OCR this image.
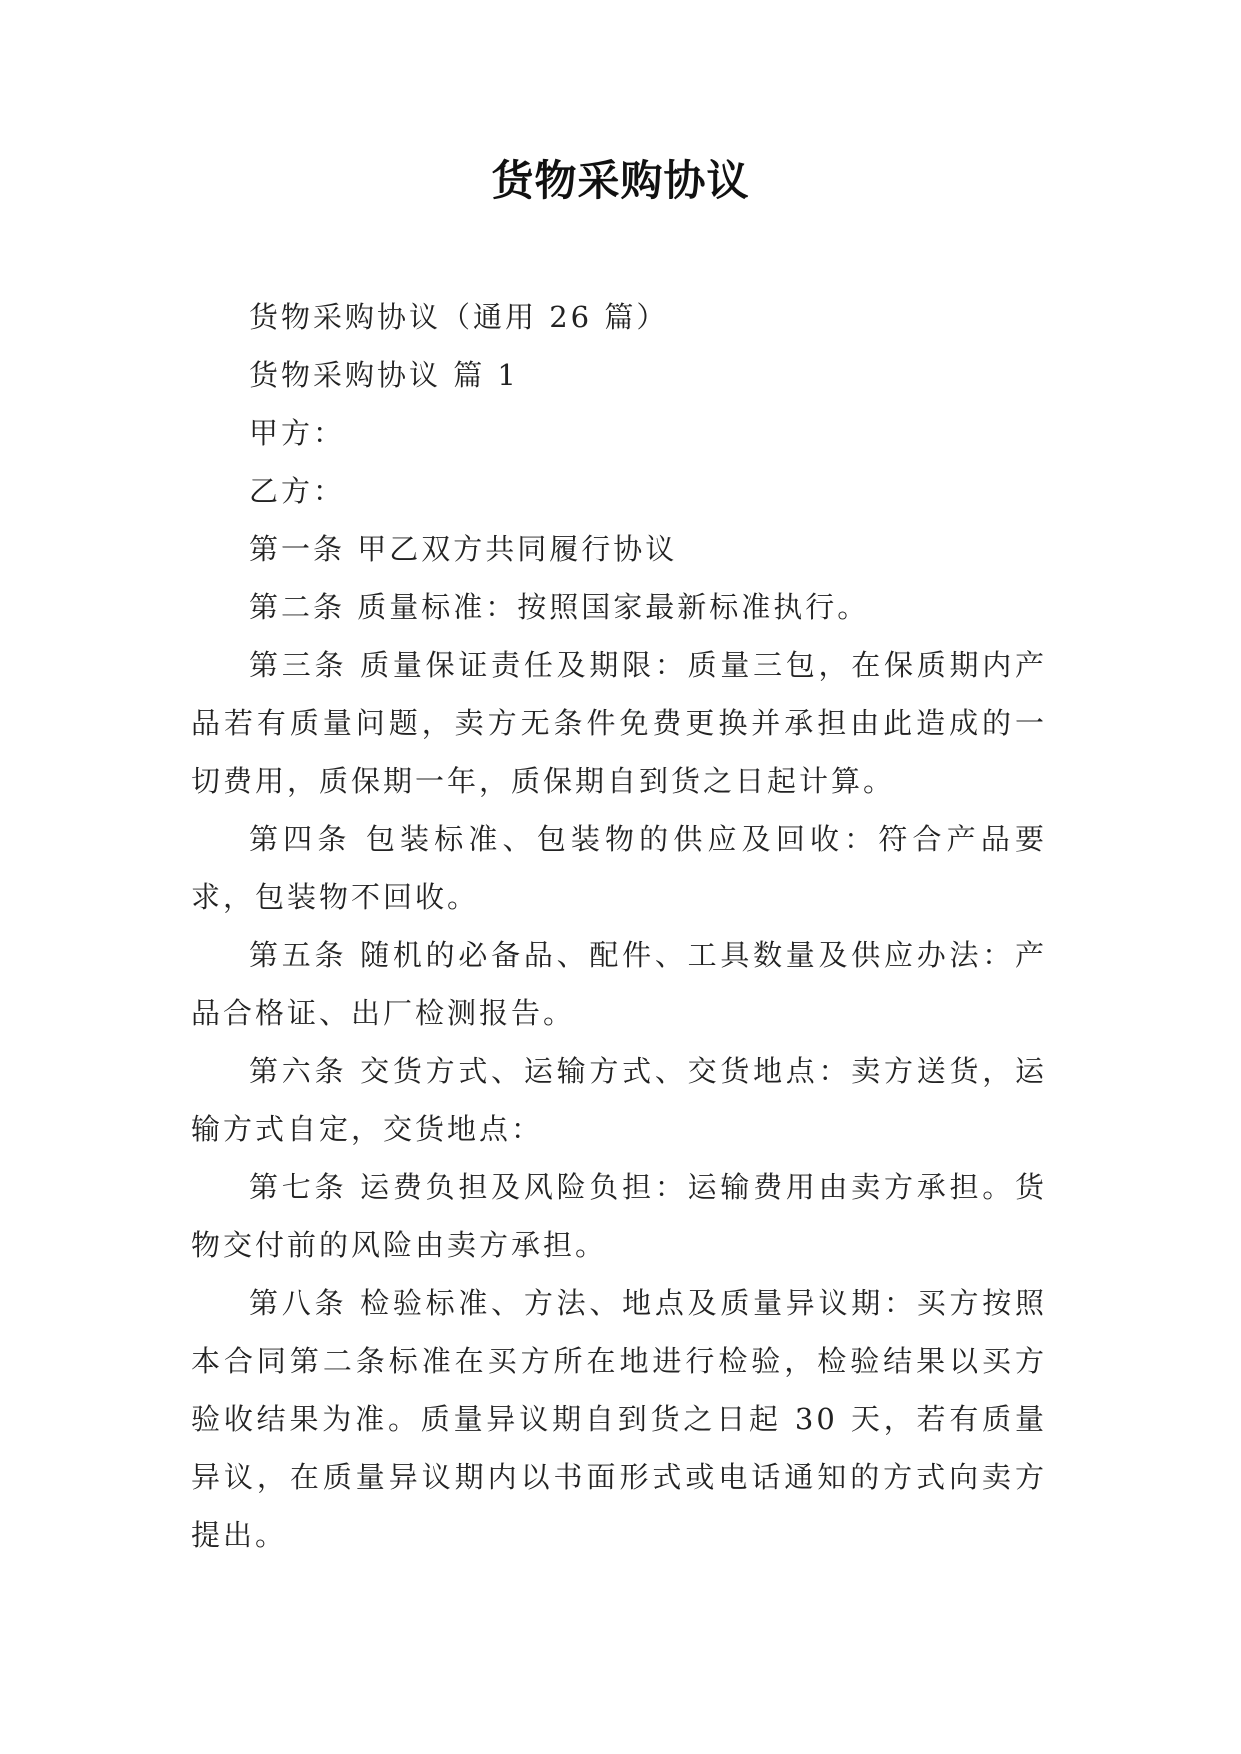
货物采购协议

货物采购协议（通用 26 篇）

货物采购协议 篇 1

甲方：

乙方：

第一条 甲乙双方共同履行协议

第二条 质量标准：按照国家最新标准执行。

第三条 质量保证责任及期限：质量三包，在保质期内产品若有质量问题，卖方无条件免费更换并承担由此造成的一切费用，质保期一年，质保期自到货之日起计算。

第四条 包装标准、包装物的供应及回收：符合产品要求，包装物不回收。

第五条 随机的必备品、配件、工具数量及供应办法：产品合格证、出厂检测报告。

第六条 交货方式、运输方式、交货地点：卖方送货，运输方式自定，交货地点：

第七条 运费负担及风险负担：运输费用由卖方承担。货物交付前的风险由卖方承担。

第八条 检验标准、方法、地点及质量异议期：买方按照本合同第二条标准在买方所在地进行检验，检验结果以买方验收结果为准。质量异议期自到货之日起 30 天，若有质量异议，在质量异议期内以书面形式或电话通知的方式向卖方提出。
